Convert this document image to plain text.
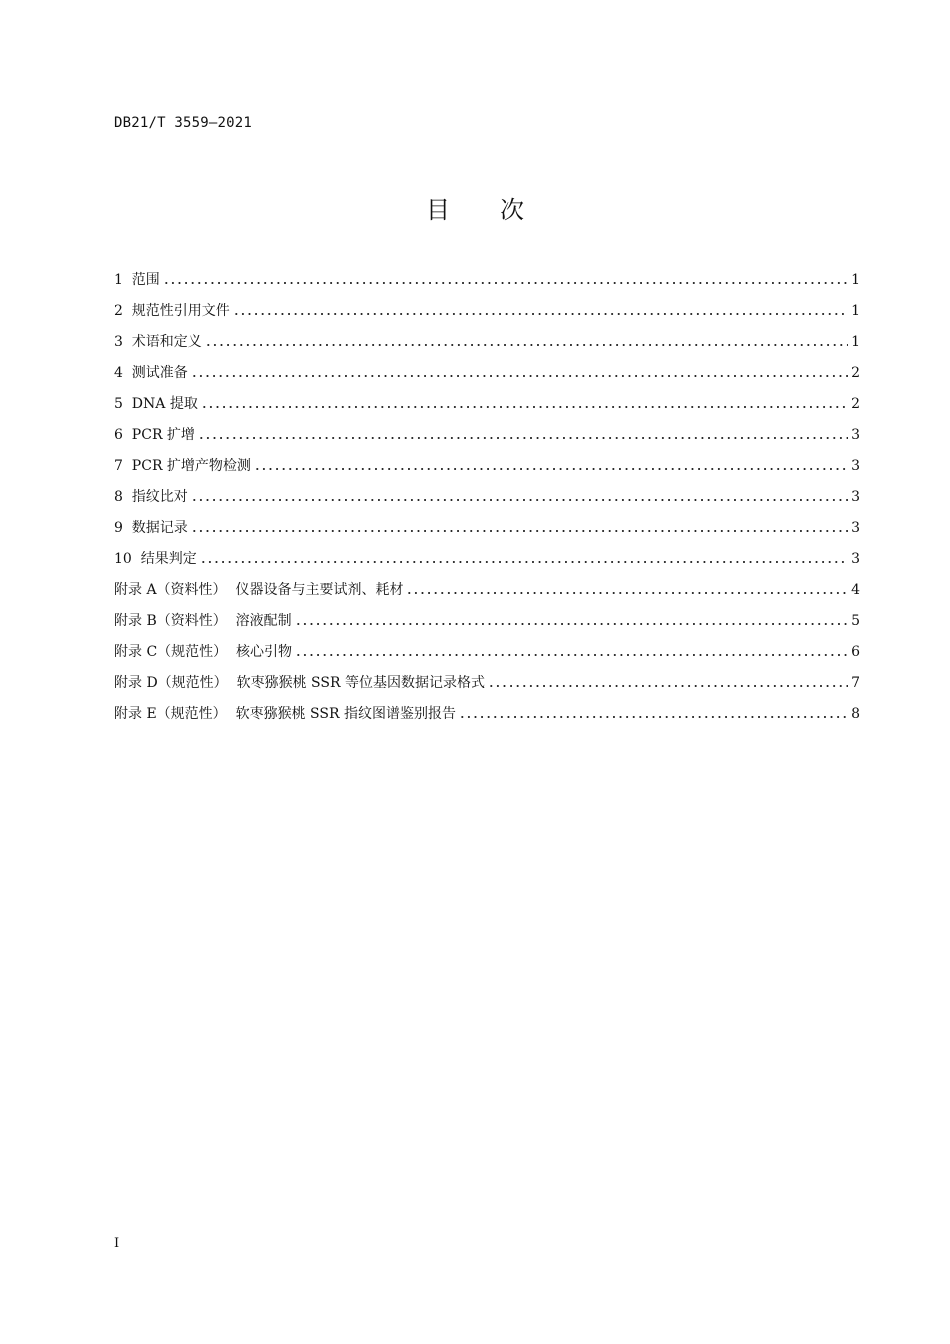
DB21/T 3559—2021
目 次
1  范围	1
2  规范性引用文件	1
3  术语和定义	1
4  测试准备	2
5  DNA 提取	2
6  PCR 扩增	3
7  PCR 扩增产物检测	3
8  指纹比对	3
9  数据记录	3
10  结果判定	3
附录 A（资料性）  仪器设备与主要试剂、耗材	4
附录 B（资料性）  溶液配制	5
附录 C（规范性）  核心引物	6
附录 D（规范性）  软枣猕猴桃 SSR 等位基因数据记录格式	7
附录 E（规范性）  软枣猕猴桃 SSR 指纹图谱鉴别报告	8
I
